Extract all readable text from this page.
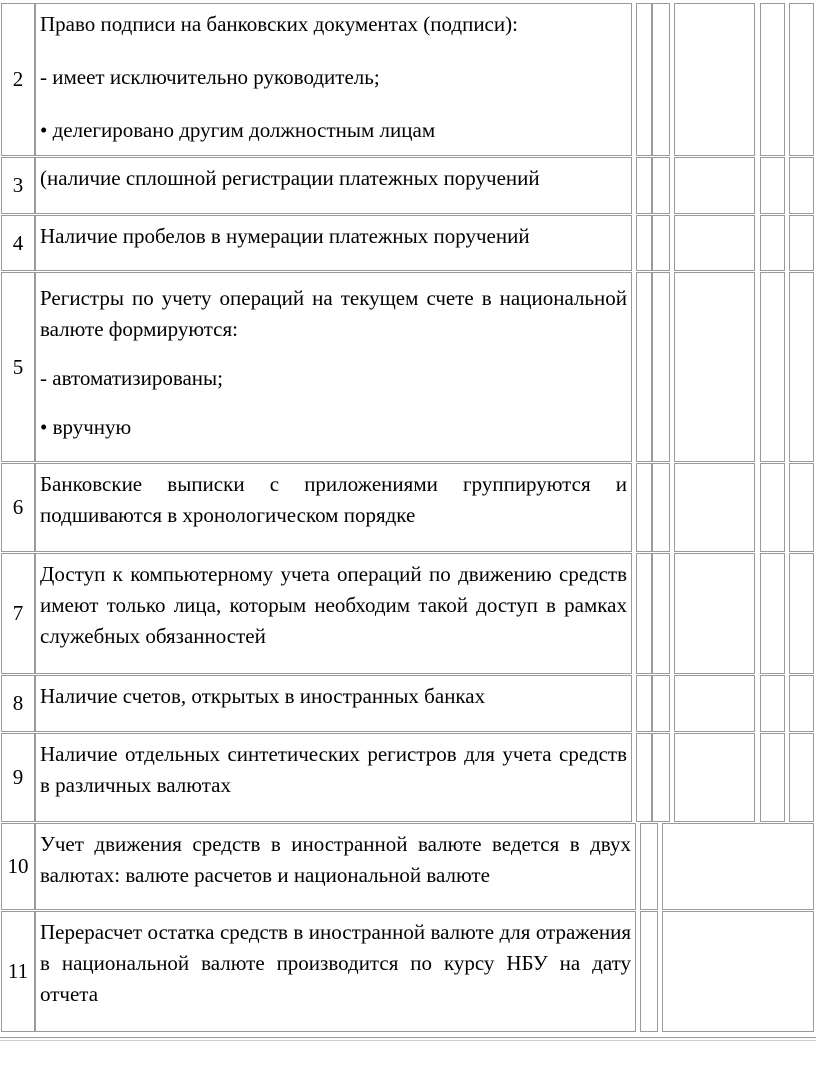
2

Право подписи на банковских документах (подписи):

- имеет исключительно руководитель;

• делегировано другим должностным лицам

3 (наличие сплошной регистрации платежных поручений

4 Наличие пробелов в нумерации платежных поручений

5

Регистры по учету операций на текущем счете в национальной валюте формируются:

- автоматизированы;

• вручную

6

Банковские выписки с приложениями группируются и подшиваются в хронологическом порядке

7

Доступ к компьютерному учета операций по движению средств имеют только лица, которым необходим такой доступ в рамках служебных обязанностей

8 Наличие счетов, открытых в иностранных банках

9

Наличие отдельных синтетических регистров для учета средств в различных валютах

10

Учет движения средств в иностранной валюте ведется в двух валютах: валюте расчетов и национальной валюте

11

Перерасчет остатка средств в иностранной валюте для отражения в национальной валюте производится по курсу НБУ на дату отчета
